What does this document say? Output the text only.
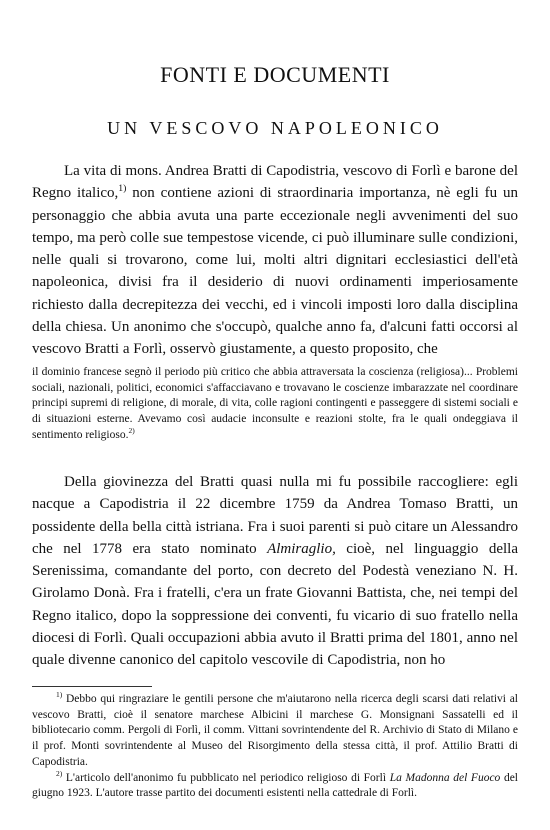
FONTI E DOCUMENTI
UN VESCOVO NAPOLEONICO

La vita di mons. Andrea Bratti di Capodistria, vescovo di Forlì e barone del Regno italico,$^{1)}$ non contiene azioni di straordinaria importanza, nè egli fu un personaggio che abbia avuta una parte eccezionale negli avvenimenti del suo tempo, ma però colle sue tempestose vicende, ci può illuminare sulle condizioni, nelle quali si trovarono, come lui, molti altri dignitari ecclesiastici dell'età napoleonica, divisi fra il desiderio di nuovi ordinamenti imperiosamente richiesto dalla decrepitezza dei vecchi, ed i vincoli imposti loro dalla disciplina della chiesa. Un anonimo che s'occupò, qualche anno fa, d'alcuni fatti occorsi al vescovo Bratti a Forlì, osservò giustamente, a questo proposito, che

il dominio francese segnò il periodo più critico che abbia attraversata la coscienza (religiosa)... Problemi sociali, nazionali, politici, economici s'affacciavano e trovavano le coscienze imbarazzate nel coordinare principi supremi di religione, di morale, di vita, colle ragioni contingenti e passeggere di sistemi sociali e di situazioni esterne. Avevamo così audacie inconsulte e reazioni stolte, fra le quali ondeggiava il sentimento religioso.$^{2)}$

Della giovinezza del Bratti quasi nulla mi fu possibile raccogliere: egli nacque a Capodistria il 22 dicembre 1759 da Andrea Tomaso Bratti, un possidente della bella città istriana. Fra i suoi parenti si può citare un Alessandro che nel 1778 era stato nominato Almiraglio, cioè, nel linguaggio della Serenissima, comandante del porto, con decreto del Podestà veneziano N. H. Girolamo Donà. Fra i fratelli, c'era un frate Giovanni Battista, che, nei tempi del Regno italico, dopo la soppressione dei conventi, fu vicario di suo fratello nella diocesi di Forlì. Quali occupazioni abbia avuto il Bratti prima del 1801, anno nel quale divenne canonico del capitolo vescovile di Capodistria, non ho

$^{1)}$ Debbo qui ringraziare le gentili persone che m'aiutarono nella ricerca degli scarsi dati relativi al vescovo Bratti, cioè il senatore marchese Albicini il marchese G. Monsignani Sassatelli ed il bibliotecario comm. Pergoli di Forlì, il comm. Vittani sovrintendente del R. Archivio di Stato di Milano e il prof. Monti sovrintendente al Museo del Risorgimento della stessa città, il prof. Attilio Bratti di Capodistria.

$^{2)}$ L'articolo dell'anonimo fu pubblicato nel periodico religioso di Forlì La Madonna del Fuoco del giugno 1923. L'autore trasse partito dei documenti esistenti nella cattedrale di Forlì.
